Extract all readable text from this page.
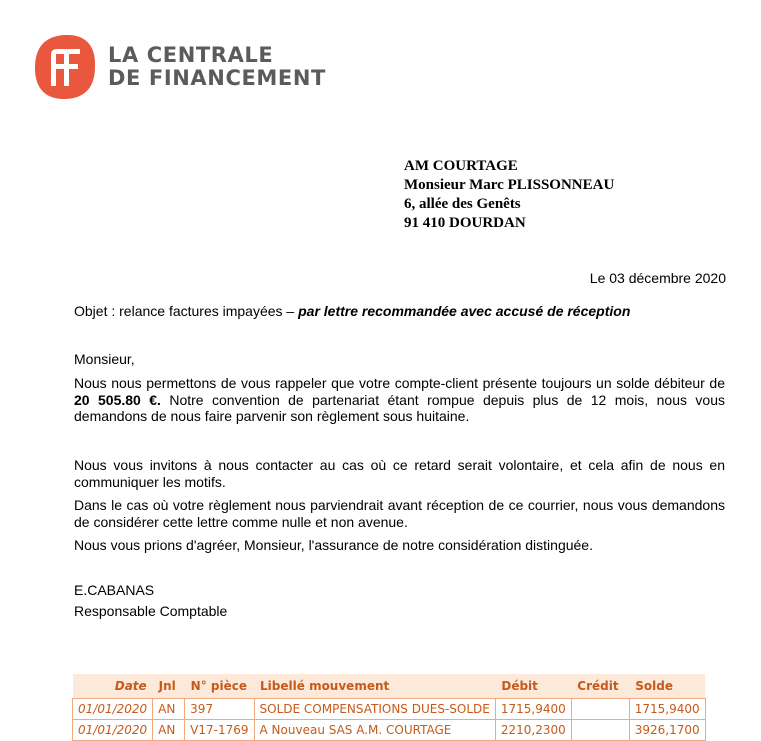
LA CENTRALE
DE FINANCEMENT
AM COURTAGE
Monsieur Marc PLISSONNEAU
6, allée des Genêts
91 410 DOURDAN
Le 03 décembre 2020
Objet : relance factures impayées – par lettre recommandée avec accusé de réception
Monsieur,
Nous nous permettons de vous rappeler que votre compte-client présente toujours un solde débiteur de 20 505.80 €. Notre convention de partenariat étant rompue depuis plus de 12 mois, nous vous demandons de nous faire parvenir son règlement sous huitaine.
Nous vous invitons à nous contacter au cas où ce retard serait volontaire, et cela afin de nous en communiquer les motifs.
Dans le cas où votre règlement nous parviendrait avant réception de ce courrier, nous vous demandons de considérer cette lettre comme nulle et non avenue.
Nous vous prions d'agréer, Monsieur, l'assurance de notre considération distinguée.
E.CABANAS
Responsable Comptable
Date	Jnl	N° pièce	Libellé mouvement	Débit	Crédit	Solde
01/01/2020	AN	397	SOLDE COMPENSATIONS DUES-SOLDE	1715,9400		1715,9400
01/01/2020	AN	V17-1769	A Nouveau SAS A.M. COURTAGE	2210,2300		3926,1700
